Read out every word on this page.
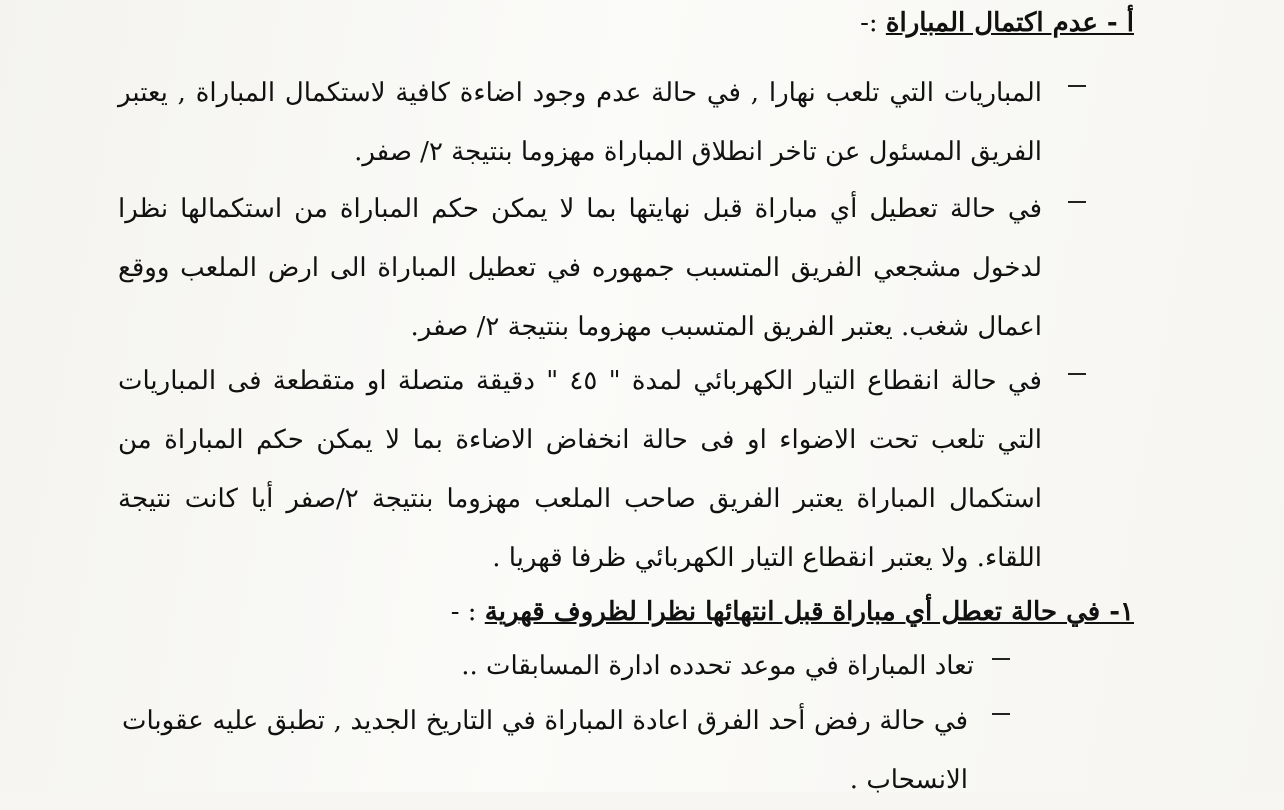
أ - عدم اكتمال المباراة :-
المباريات التي تلعب نهارا , في حالة عدم وجود اضاءة كافية لاستكمال المباراة , يعتبر الفريق المسئول عن تاخر انطلاق المباراة مهزوما بنتيجة ٢/ صفر.
في حالة تعطيل أي مباراة قبل نهايتها بما لا يمكن حكم المباراة من استكمالها نظرا لدخول مشجعي الفريق المتسبب جمهوره في تعطيل المباراة الى ارض الملعب ووقع اعمال شغب. يعتبر الفريق المتسبب مهزوما بنتيجة ٢/ صفر.
في حالة انقطاع التيار الكهربائي لمدة " ٤٥ " دقيقة متصلة او متقطعة فى المباريات التي تلعب تحت الاضواء او فى حالة انخفاض الاضاءة بما لا يمكن حكم المباراة من استكمال المباراة يعتبر الفريق صاحب الملعب مهزوما بنتيجة ٢/صفر أيا كانت نتيجة اللقاء. ولا يعتبر انقطاع التيار الكهربائي ظرفا قهريا .
١- في حالة تعطل أي مباراة قبل انتهائها نظرا لظروف قهرية : -
تعاد المباراة في موعد تحدده ادارة المسابقات ..
في حالة رفض أحد الفرق اعادة المباراة في التاريخ الجديد , تطبق عليه عقوبات الانسحاب .
